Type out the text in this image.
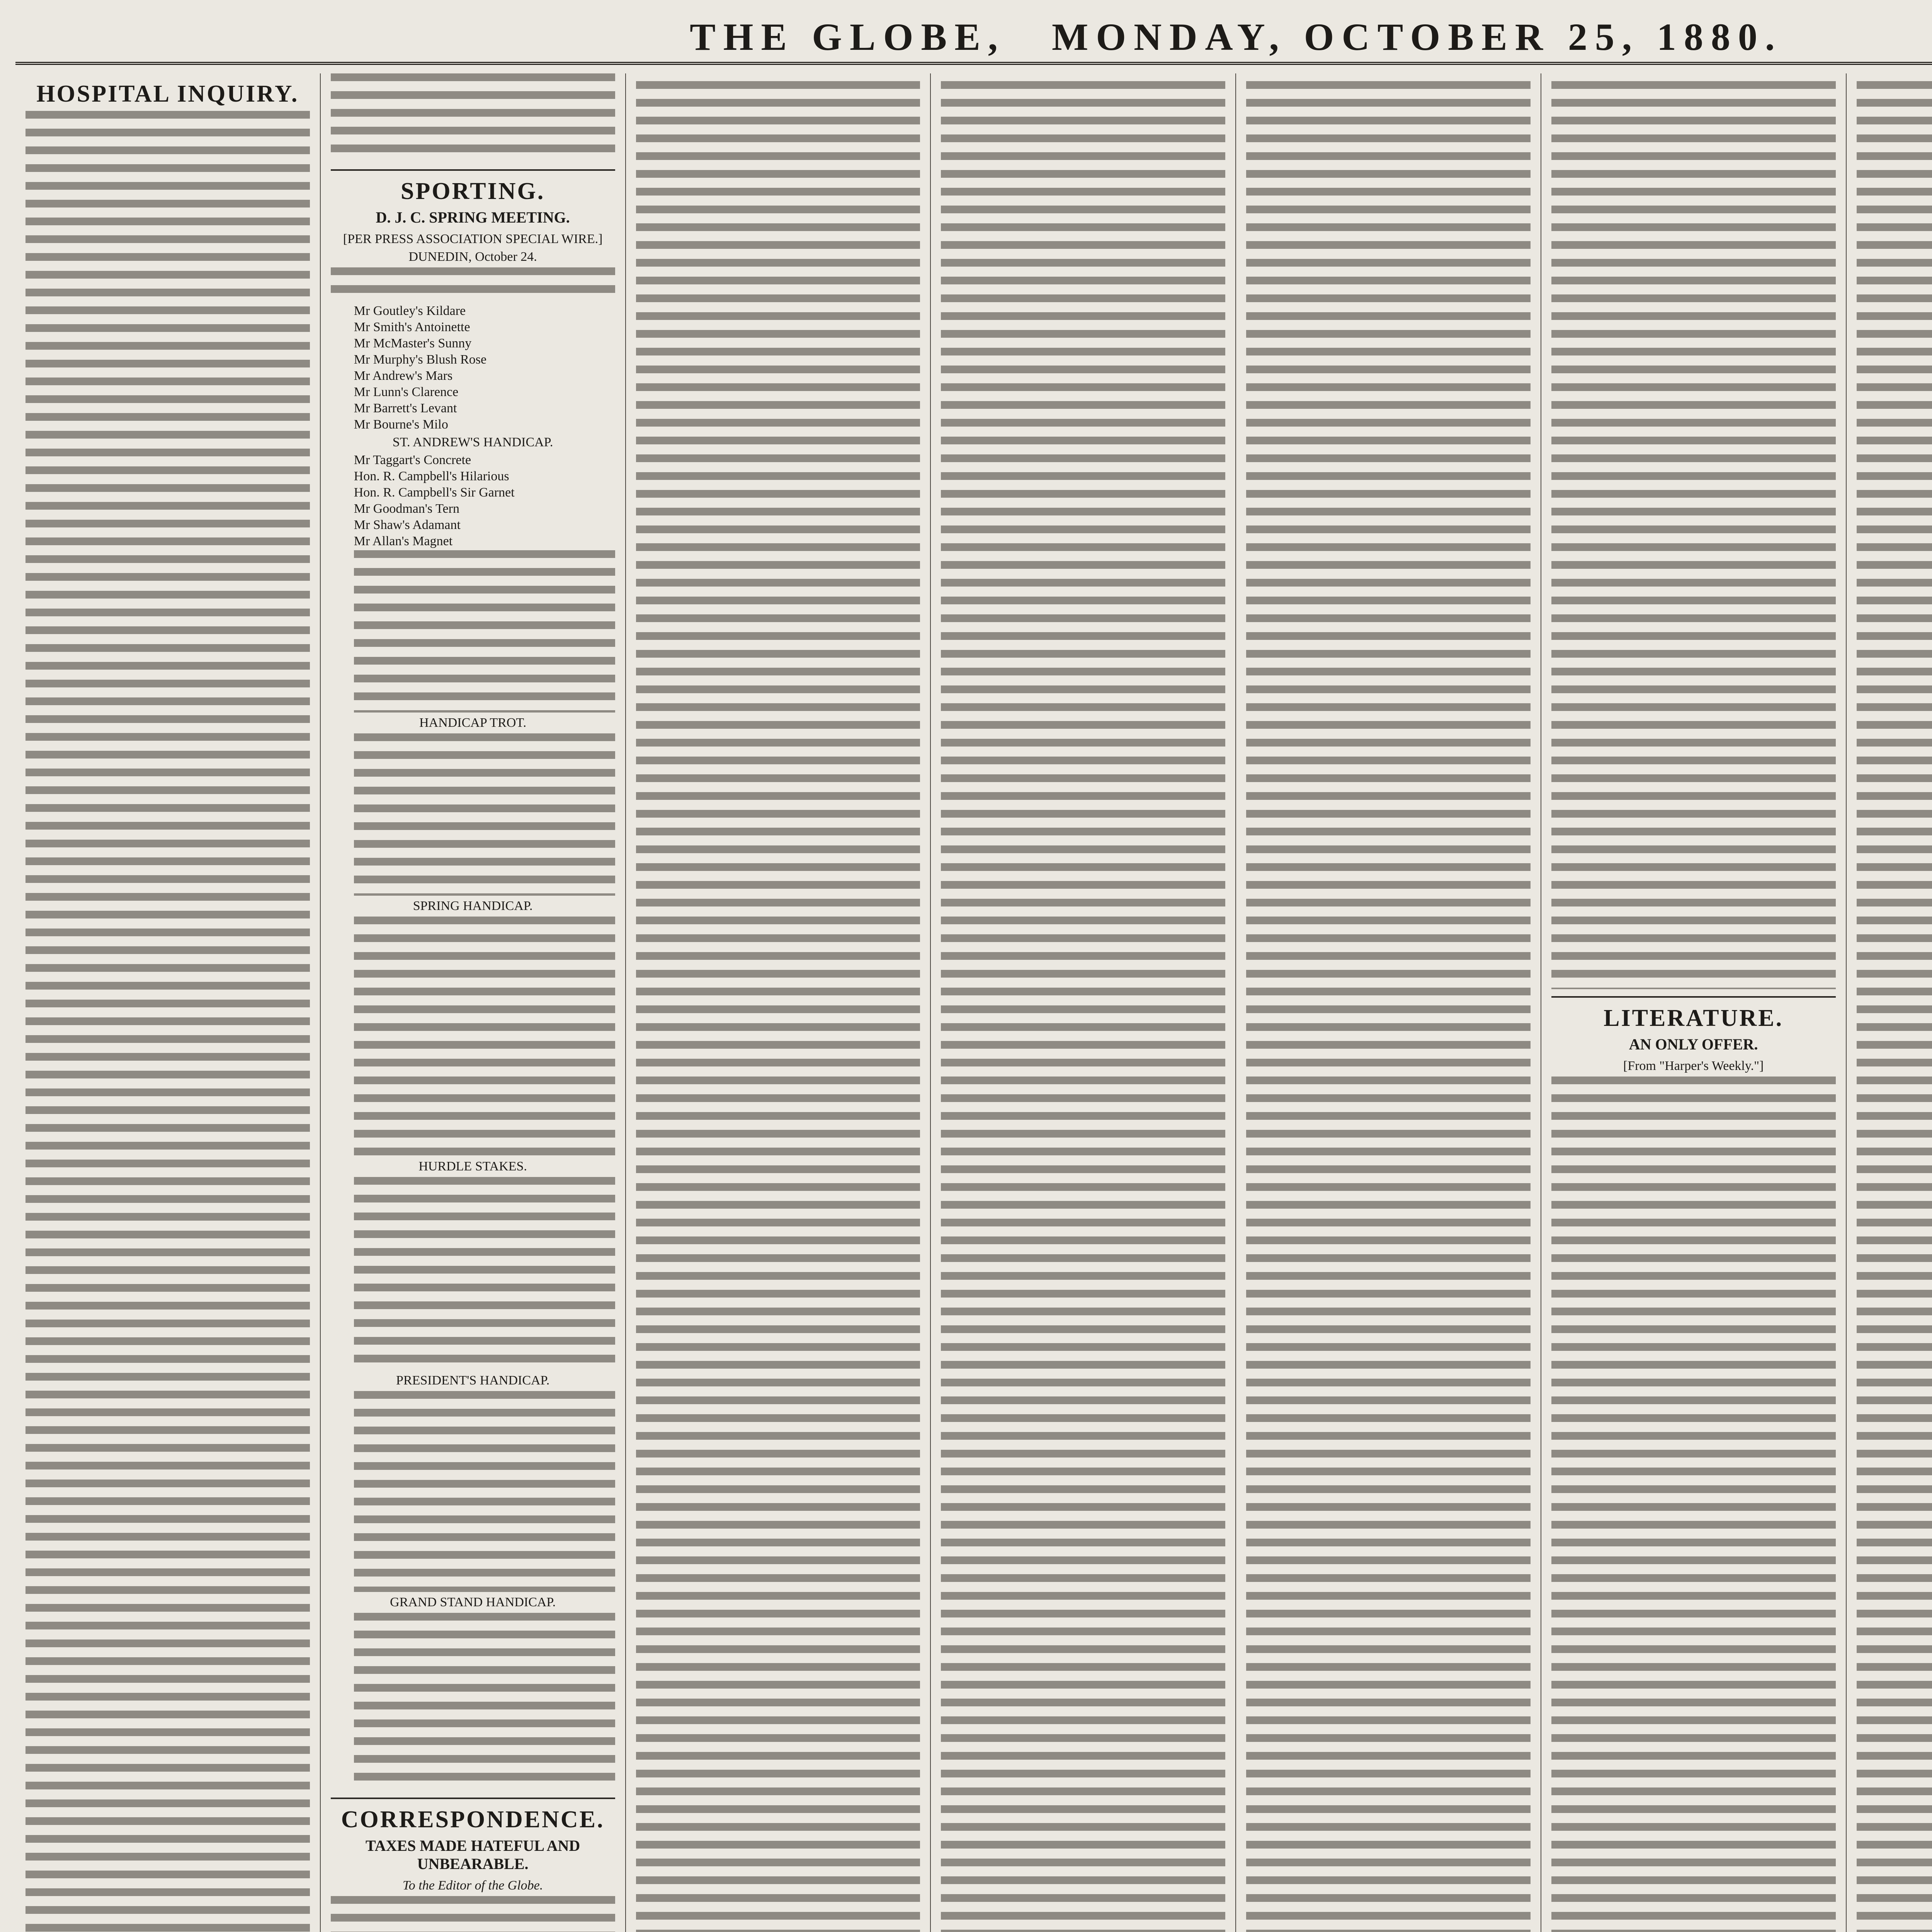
THE GLOBE, MONDAY, OCTOBER 25, 1880.
HOSPITAL INQUIRY.
SPORTING.
D. J. C. SPRING MEETING.
[PER PRESS ASSOCIATION SPECIAL WIRE.]
DUNEDIN, October 24.
Mr Goutley's Kildare
Mr Smith's Antoinette
Mr McMaster's Sunny
Mr Murphy's Blush Rose
Mr Andrew's Mars
Mr Lunn's Clarence
Mr Barrett's Levant
Mr Bourne's Milo
ST. ANDREW'S HANDICAP.
Mr Taggart's Concrete
Hon. R. Campbell's Hilarious
Hon. R. Campbell's Sir Garnet
Mr Goodman's Tern
Mr Shaw's Adamant
Mr Allan's Magnet
HANDICAP TROT.
SPRING HANDICAP.
HURDLE STAKES.
PRESIDENT'S HANDICAP.
GRAND STAND HANDICAP.
CORRESPONDENCE.
TAXES MADE HATEFUL AND UNBEARABLE.
To the Editor of the Globe.
LITERATURE.
AN ONLY OFFER.
[From "Harper's Weekly."]
